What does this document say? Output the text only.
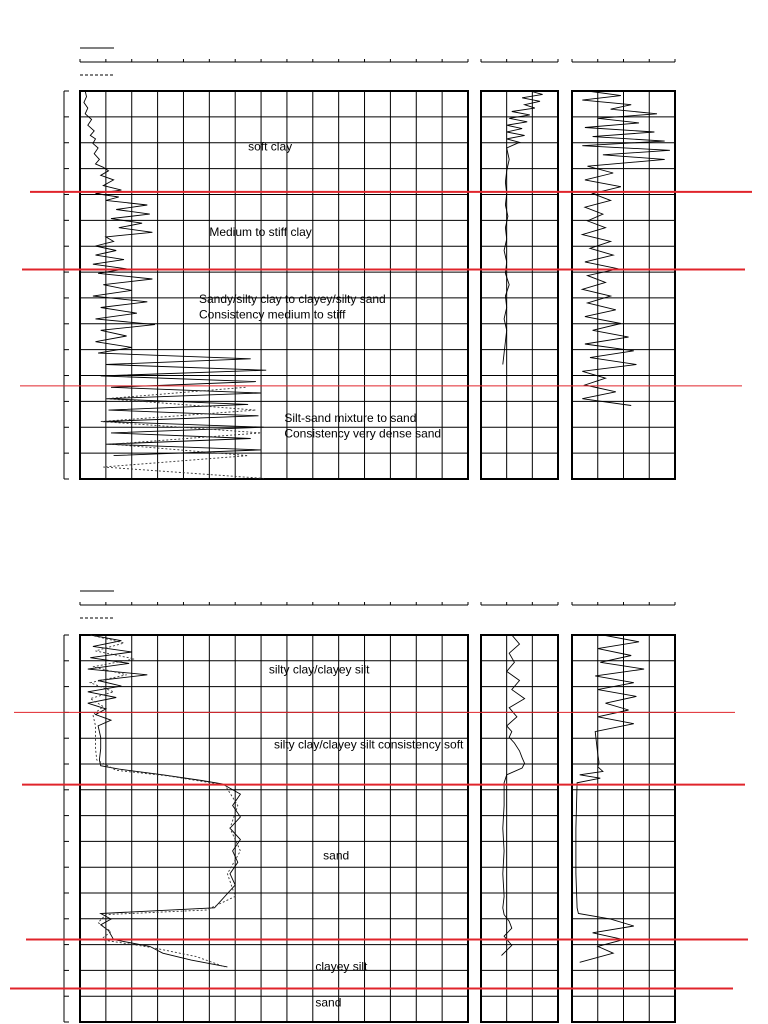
soft clay
Medium to stiff clay
Sandy/silty clay to clayey/silty sand
Consistency medium to stiff
Silt-sand mixture to sand
Consistency very dense sand
silty clay/clayey silt
silty clay/clayey silt consistency soft
sand
clayey silt
sand
